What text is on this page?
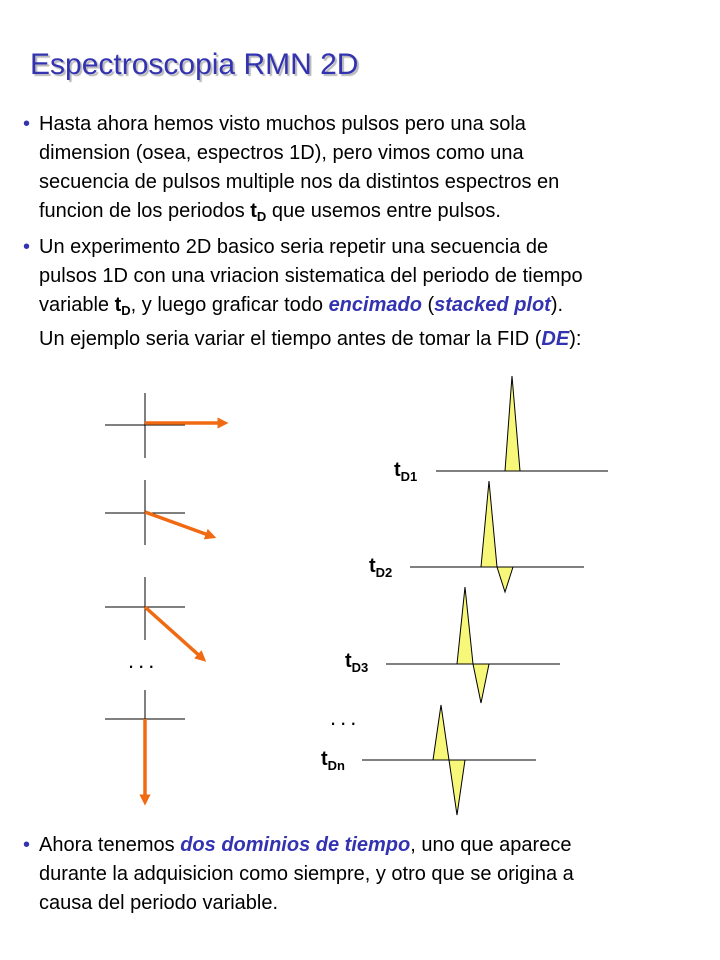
Espectroscopia RMN 2D
• Hasta ahora hemos visto muchos pulsos pero una sola
dimension (osea, espectros 1D), pero vimos como una
secuencia de pulsos multiple nos da distintos espectros en
funcion de los periodos $t_D$ que usemos entre pulsos.
• Un experimento 2D basico seria repetir una secuencia de
pulsos 1D con una vriacion sistematica del periodo de tiempo
variable $t_D$, y luego graficar todo encimado (stacked plot).
Un ejemplo seria variar el tiempo antes de tomar la FID (DE):
$t_{D1}$
$t_{D2}$
$t_{D3}$
$t_{Dn}$
...
...
• Ahora tenemos dos dominios de tiempo, uno que aparece
durante la adquisicion como siempre, y otro que se origina a
causa del periodo variable.
